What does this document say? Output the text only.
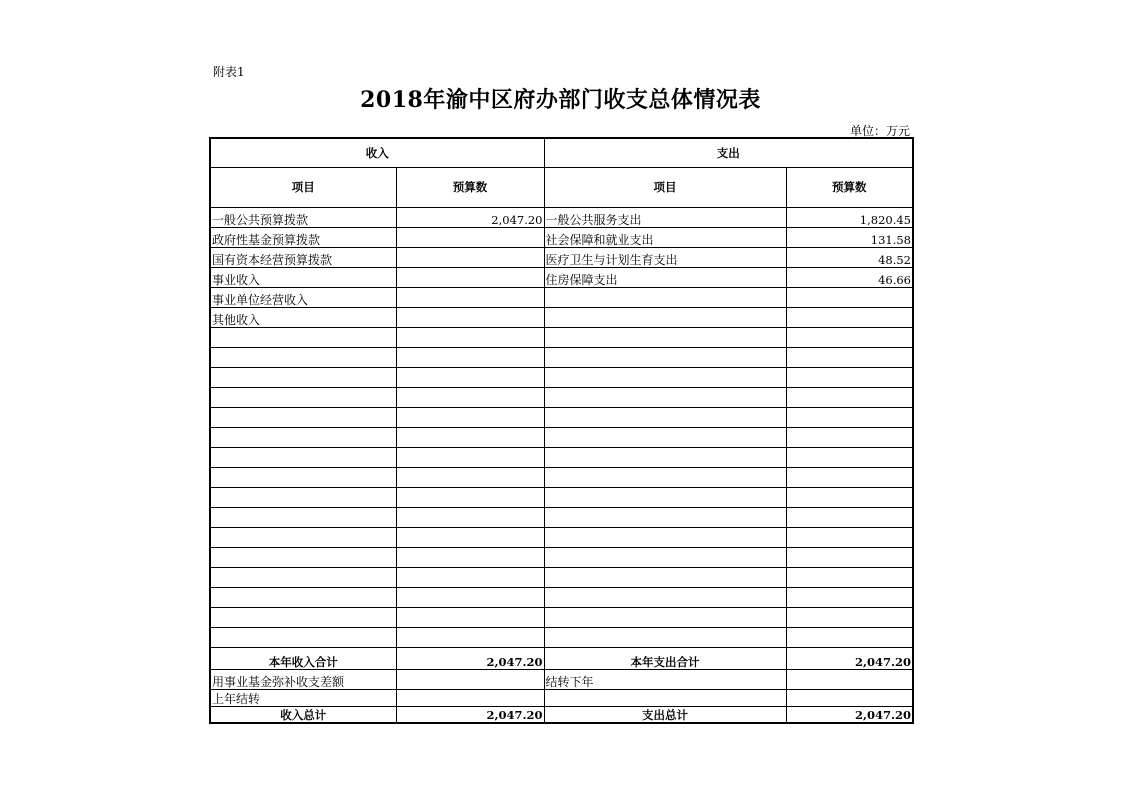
附表1
2018年渝中区府办部门收支总体情况表
单位：万元
收入		支出	
项目	预算数	项目	预算数
一般公共预算拨款	2,047.20	一般公共服务支出	1,820.45
政府性基金预算拨款		社会保障和就业支出	131.58
国有资本经营预算拨款		医疗卫生与计划生育支出	48.52
事业收入		住房保障支出	46.66
事业单位经营收入			
其他收入			

本年收入合计	2,047.20	本年支出合计	2,047.20
用事业基金弥补收支差额		结转下年	
上年结转			
收入总计	2,047.20	支出总计	2,047.20
